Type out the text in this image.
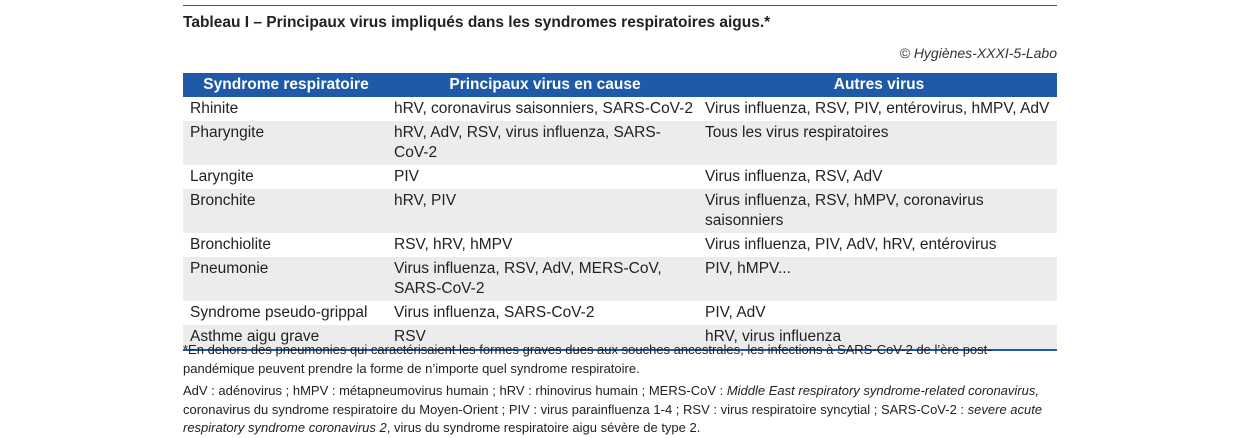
Tableau I – Principaux virus impliqués dans les syndromes respiratoires aigus.*
© Hygiènes-XXXI-5-Labo
Syndrome respiratoire	Principaux virus en cause	Autres virus
Rhinite	hRV, coronavirus saisonniers, SARS-CoV-2	Virus influenza, RSV, PIV, entérovirus, hMPV, AdV
Pharyngite	hRV, AdV, RSV, virus influenza, SARS-CoV-2	Tous les virus respiratoires
Laryngite	PIV	Virus influenza, RSV, AdV
Bronchite	hRV, PIV	Virus influenza, RSV, hMPV, coronavirus saisonniers
Bronchiolite	RSV, hRV, hMPV	Virus influenza, PIV, AdV, hRV, entérovirus
Pneumonie	Virus influenza, RSV, AdV, MERS-CoV, SARS-CoV-2	PIV, hMPV...
Syndrome pseudo-grippal	Virus influenza, SARS-CoV-2	PIV, AdV
Asthme aigu grave	RSV	hRV, virus influenza

*En dehors des pneumonies qui caractérisaient les formes graves dues aux souches ancestrales, les infections à SARS-CoV-2 de l’ère post-pandémique peuvent prendre la forme de n’importe quel syndrome respiratoire.

AdV : adénovirus ; hMPV : métapneumovirus humain ; hRV : rhinovirus humain ; MERS-CoV : Middle East respiratory syndrome-related coronavirus, coronavirus du syndrome respiratoire du Moyen-Orient ; PIV : virus parainfluenza 1-4 ; RSV : virus respiratoire syncytial ; SARS-CoV-2 : severe acute respiratory syndrome coronavirus 2, virus du syndrome respiratoire aigu sévère de type 2.
